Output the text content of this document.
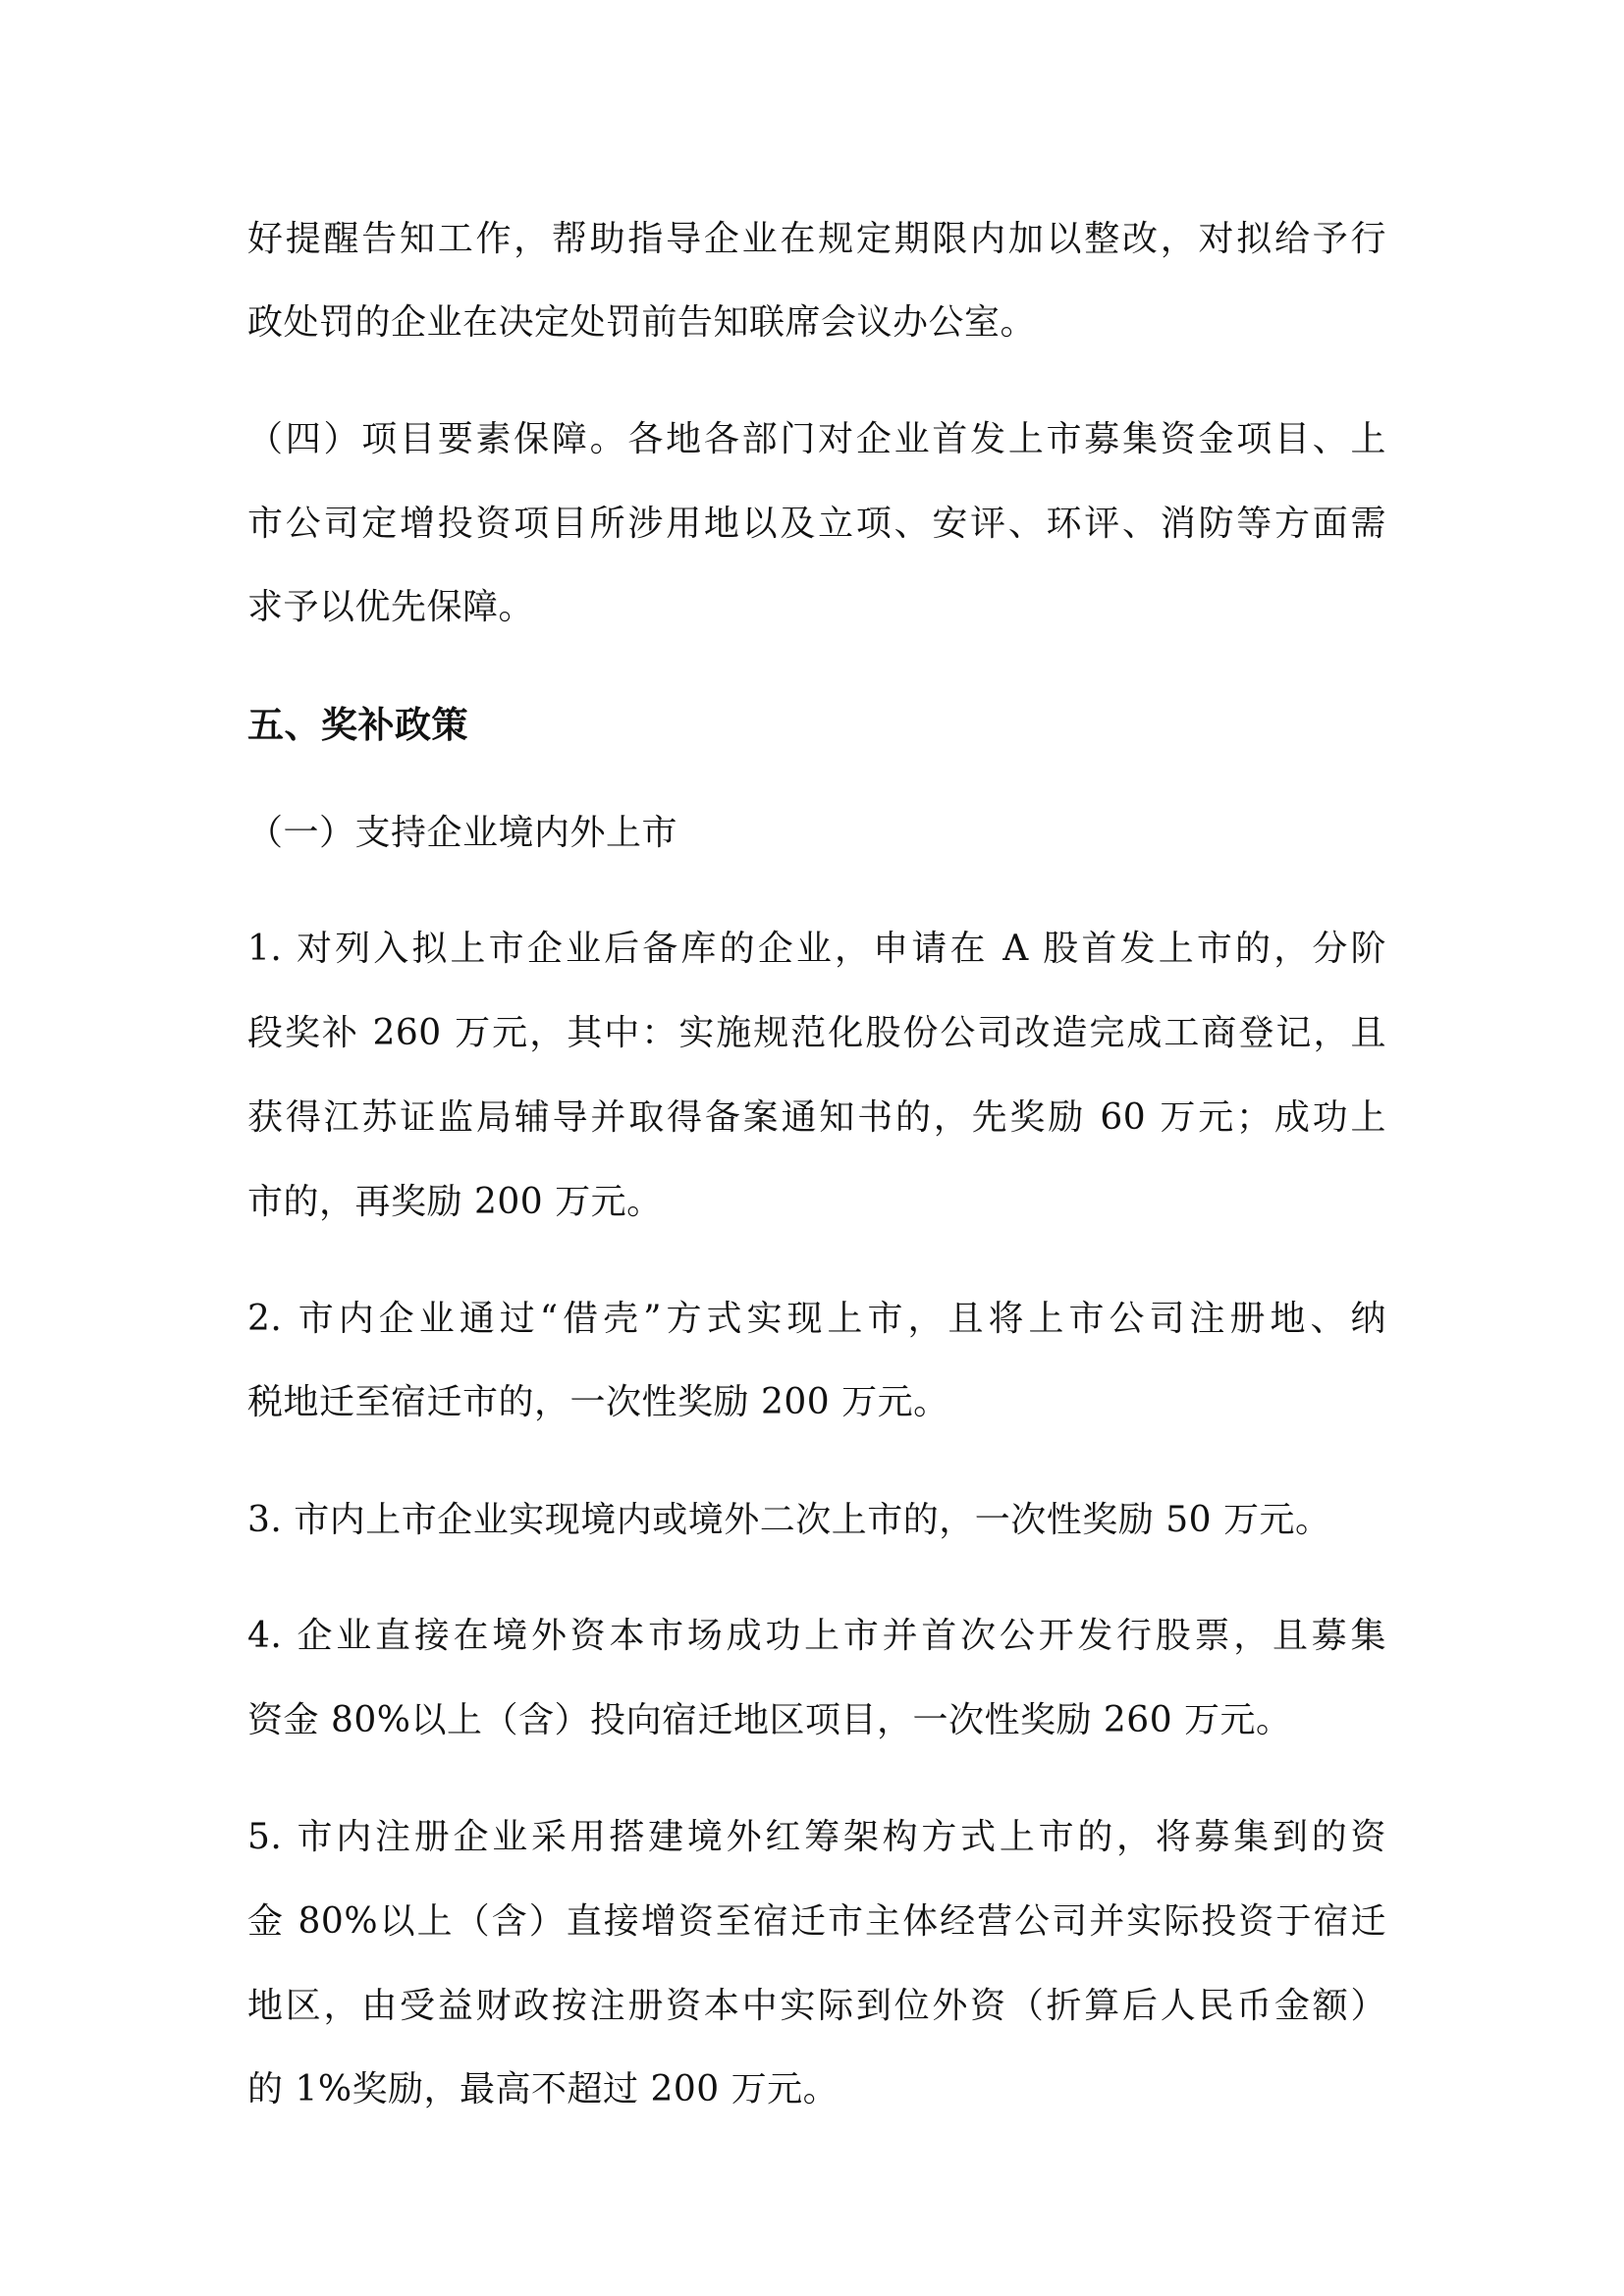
好提醒告知工作，帮助指导企业在规定期限内加以整改，对拟给予行
政处罚的企业在决定处罚前告知联席会议办公室。
（四）项目要素保障。各地各部门对企业首发上市募集资金项目、上
市公司定增投资项目所涉用地以及立项、安评、环评、消防等方面需
求予以优先保障。
五、奖补政策
（一）支持企业境内外上市
1. 对列入拟上市企业后备库的企业，申请在 A 股首发上市的，分阶
段奖补 260 万元，其中：实施规范化股份公司改造完成工商登记，且
获得江苏证监局辅导并取得备案通知书的，先奖励 60 万元；成功上
市的，再奖励 200 万元。
2. 市内企业通过“借壳”方式实现上市，且将上市公司注册地、纳
税地迁至宿迁市的，一次性奖励 200 万元。
3. 市内上市企业实现境内或境外二次上市的，一次性奖励 50 万元。
4. 企业直接在境外资本市场成功上市并首次公开发行股票，且募集
资金 80%以上（含）投向宿迁地区项目，一次性奖励 260 万元。
5. 市内注册企业采用搭建境外红筹架构方式上市的，将募集到的资
金 80%以上（含）直接增资至宿迁市主体经营公司并实际投资于宿迁
地区，由受益财政按注册资本中实际到位外资（折算后人民币金额）
的 1%奖励，最高不超过 200 万元。
